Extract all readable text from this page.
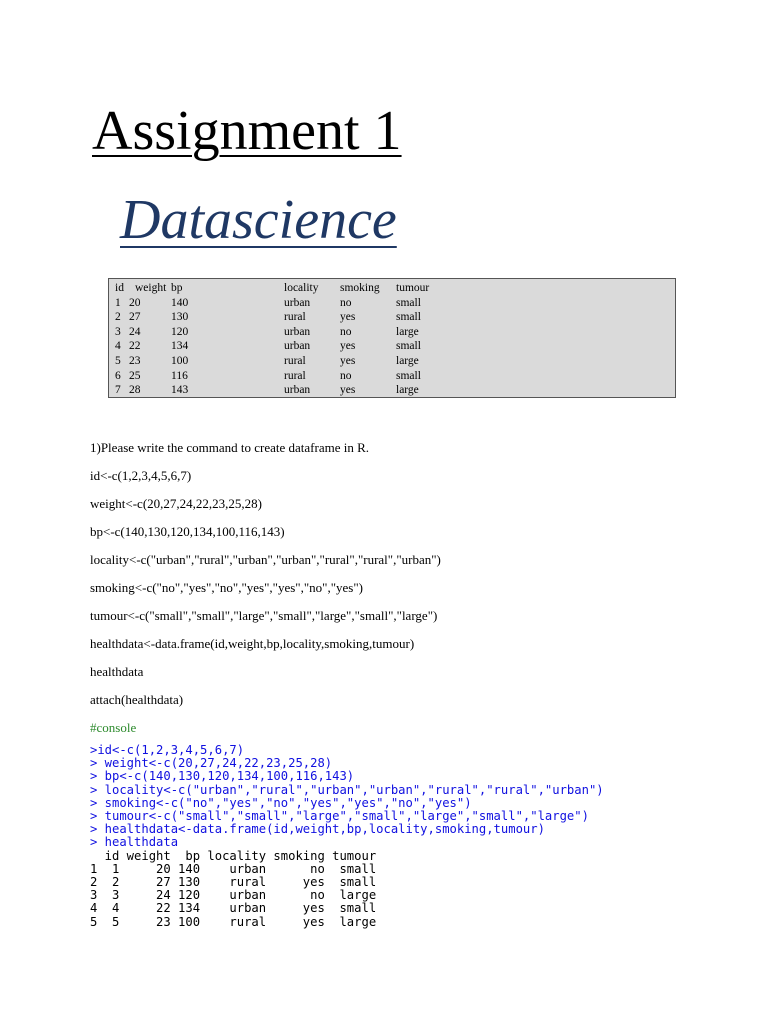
Assignment 1
Datascience
id weight bp	locality smoking tumour
1 20	140	urban	no	small
2 27	130	rural	yes	small
3 24	120	urban	no	large
4 22	134	urban	yes	small
5 23	100	rural	yes	large
6 25	116	rural	no	small
7 28	143	urban	yes	large
1)Please write the command to create dataframe in R.
id<-c(1,2,3,4,5,6,7)
weight<-c(20,27,24,22,23,25,28)
bp<-c(140,130,120,134,100,116,143)
locality<-c("urban","rural","urban","urban","rural","rural","urban")
smoking<-c("no","yes","no","yes","yes","no","yes")
tumour<-c("small","small","large","small","large","small","large")
healthdata<-data.frame(id,weight,bp,locality,smoking,tumour)
healthdata
attach(healthdata)
#console
>id<-c(1,2,3,4,5,6,7)
> weight<-c(20,27,24,22,23,25,28)
> bp<-c(140,130,120,134,100,116,143)
> locality<-c("urban","rural","urban","urban","rural","rural","urban")
> smoking<-c("no","yes","no","yes","yes","no","yes")
> tumour<-c("small","small","large","small","large","small","large")
> healthdata<-data.frame(id,weight,bp,locality,smoking,tumour)
> healthdata
id weight  bp locality smoking tumour
1  1     20 140    urban      no  small
2  2     27 130    rural     yes  small
3  3     24 120    urban      no  large
4  4     22 134    urban     yes  small
5  5     23 100    rural     yes  large
